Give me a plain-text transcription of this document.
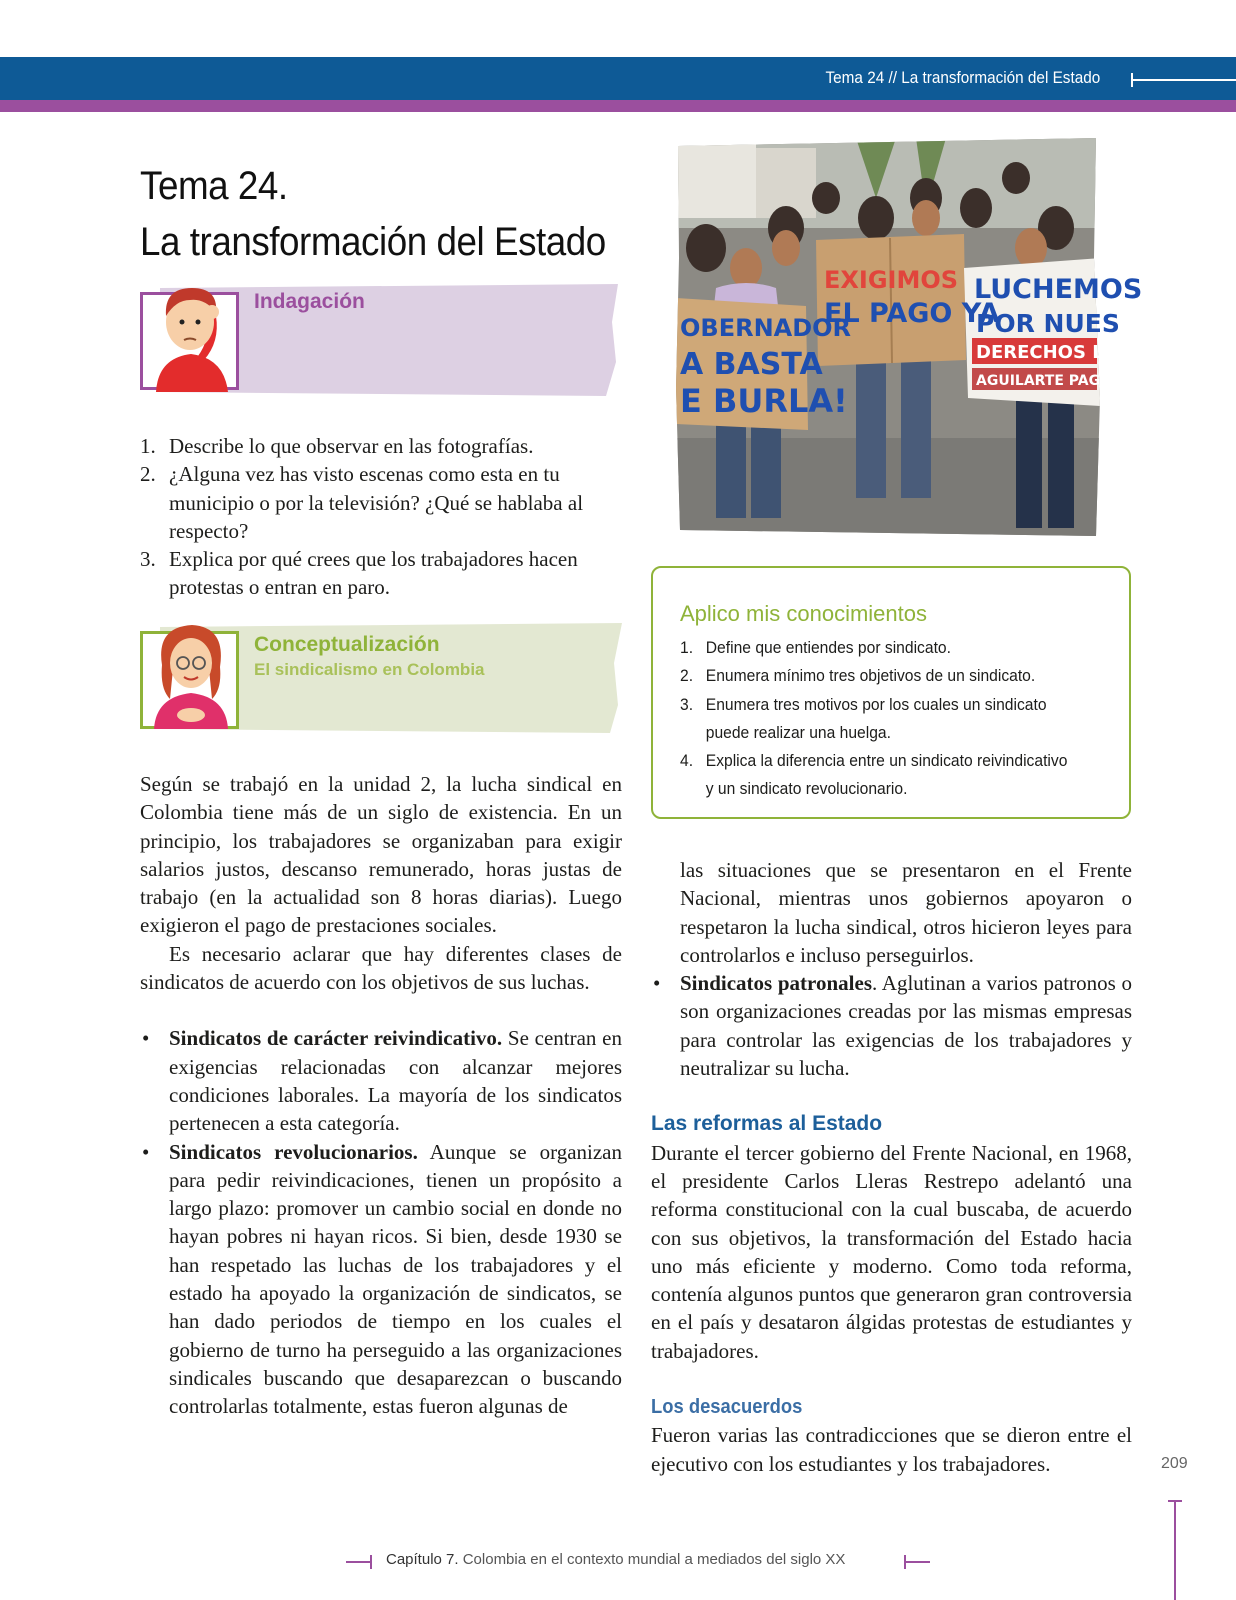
Tema 24 // La transformación del Estado
Tema 24.
La transformación del Estado
Indagación
1. Describe lo que observar en las fotografías.
2. ¿Alguna vez has visto escenas como esta en tu municipio o por la televisión? ¿Qué se hablaba al respecto?
3. Explica por qué crees que los trabajadores hacen protestas o entran en paro.
Conceptualización
El sindicalismo en Colombia

Según se trabajó en la unidad 2, la lucha sindical en Colombia tiene más de un siglo de existencia. En un principio, los trabajadores se organizaban para exigir salarios justos, descanso remunerado, horas justas de trabajo (en la actualidad son 8 horas diarias). Luego exigieron el pago de prestaciones sociales.

Es necesario aclarar que hay diferentes clases de sindicatos de acuerdo con los objetivos de sus luchas.

• Sindicatos de carácter reivindicativo. Se centran en exigencias relacionadas con alcanzar mejores condiciones laborales. La mayoría de los sindicatos pertenecen a esta categoría.

• Sindicatos revolucionarios. Aunque se organizan para pedir reivindicaciones, tienen un propósito a largo plazo: promover un cambio social en donde no hayan pobres ni hayan ricos. Si bien, desde 1930 se han respetado las luchas de los trabajadores y el estado ha apoyado la organización de sindicatos, se han dado periodos de tiempo en los cuales el gobierno de turno ha perseguido a las organizaciones sindicales buscando que desaparezcan o buscando controlarlas totalmente, estas fueron algunas de

OBERNADOR
A BASTA
E BURLA!
EXIGIMOS
EL PAGO YA
LUCHEMOS
POR NUES
DERECHOS LA
AGUILARTE PAG
Aplico mis conocimientos
1. Define que entiendes por sindicato.
2. Enumera mínimo tres objetivos de un sindicato.
3. Enumera tres motivos por los cuales un sindicato
puede realizar una huelga.
4. Explica la diferencia entre un sindicato reivindicativo
y un sindicato revolucionario.

las situaciones que se presentaron en el Frente Nacional, mientras unos gobiernos apoyaron o respetaron la lucha sindical, otros hicieron leyes para controlarlos e incluso perseguirlos.

• Sindicatos patronales. Aglutinan a varios patronos o son organizaciones creadas por las mismas empresas para controlar las exigencias de los trabajadores y neutralizar su lucha.

Las reformas al Estado

Durante el tercer gobierno del Frente Nacional, en 1968, el presidente Carlos Lleras Restrepo adelantó una reforma constitucional con la cual buscaba, de acuerdo con sus objetivos, la transformación del Estado hacia uno más eficiente y moderno. Como toda reforma, contenía algunos puntos que generaron gran controversia en el país y desataron álgidas protestas de estudiantes y trabajadores.

Los desacuerdos

Fueron varias las contradicciones que se dieron entre el ejecutivo con los estudiantes y los trabajadores.	209
Capítulo 7. Colombia en el contexto mundial a mediados del siglo XX
